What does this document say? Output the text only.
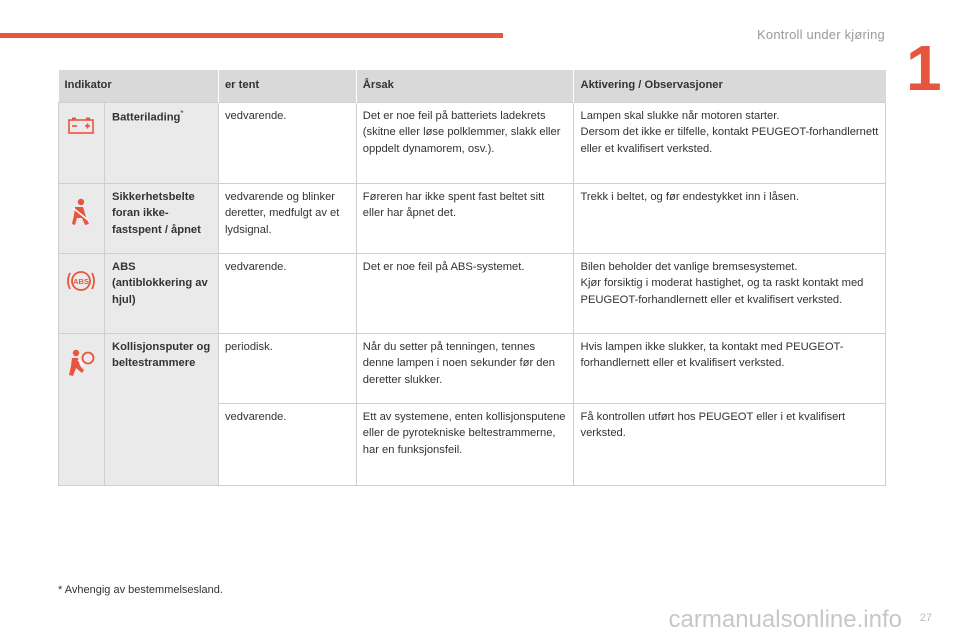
Kontroll under kjøring 1
Indikator		er tent	Årsak	Aktivering / Observasjoner
	Batterilading*	vedvarende.	Det er noe feil på batteriets ladekrets (skitne eller løse polklemmer, slakk eller oppdelt dynamorem, osv.).	Lampen skal slukke når motoren starter.
Dersom det ikke er tilfelle, kontakt PEUGEOT-forhandlernett eller et kvalifisert verksted.
	Sikkerhetsbelte foran ikke-fastspent / åpnet	vedvarende og blinker deretter, medfulgt av et lydsignal.	Føreren har ikke spent fast beltet sitt eller har åpnet det.	Trekk i beltet, og før endestykket inn i låsen.

ABS	ABS (antiblokkering av hjul)	vedvarende.	Det er noe feil på ABS-systemet.	Bilen beholder det vanlige bremsesystemet.
Kjør forsiktig i moderat hastighet, og ta raskt kontakt med PEUGEOT-forhandlernett eller et kvalifisert verksted.
	Kollisjonsputer og beltestrammere	periodisk.	Når du setter på tenningen, tennes denne lampen i noen sekunder før den deretter slukker.	Hvis lampen ikke slukker, ta kontakt med PEUGEOT-forhandlernett eller et kvalifisert verksted.
		vedvarende.	Ett av systemene, enten kollisjonsputene eller de pyrotekniske beltestrammerne, har en funksjonsfeil.	Få kontrollen utført hos PEUGEOT eller i et kvalifisert verksted.
* Avhengig av bestemmelsesland.
carmanualsonline.info 27
